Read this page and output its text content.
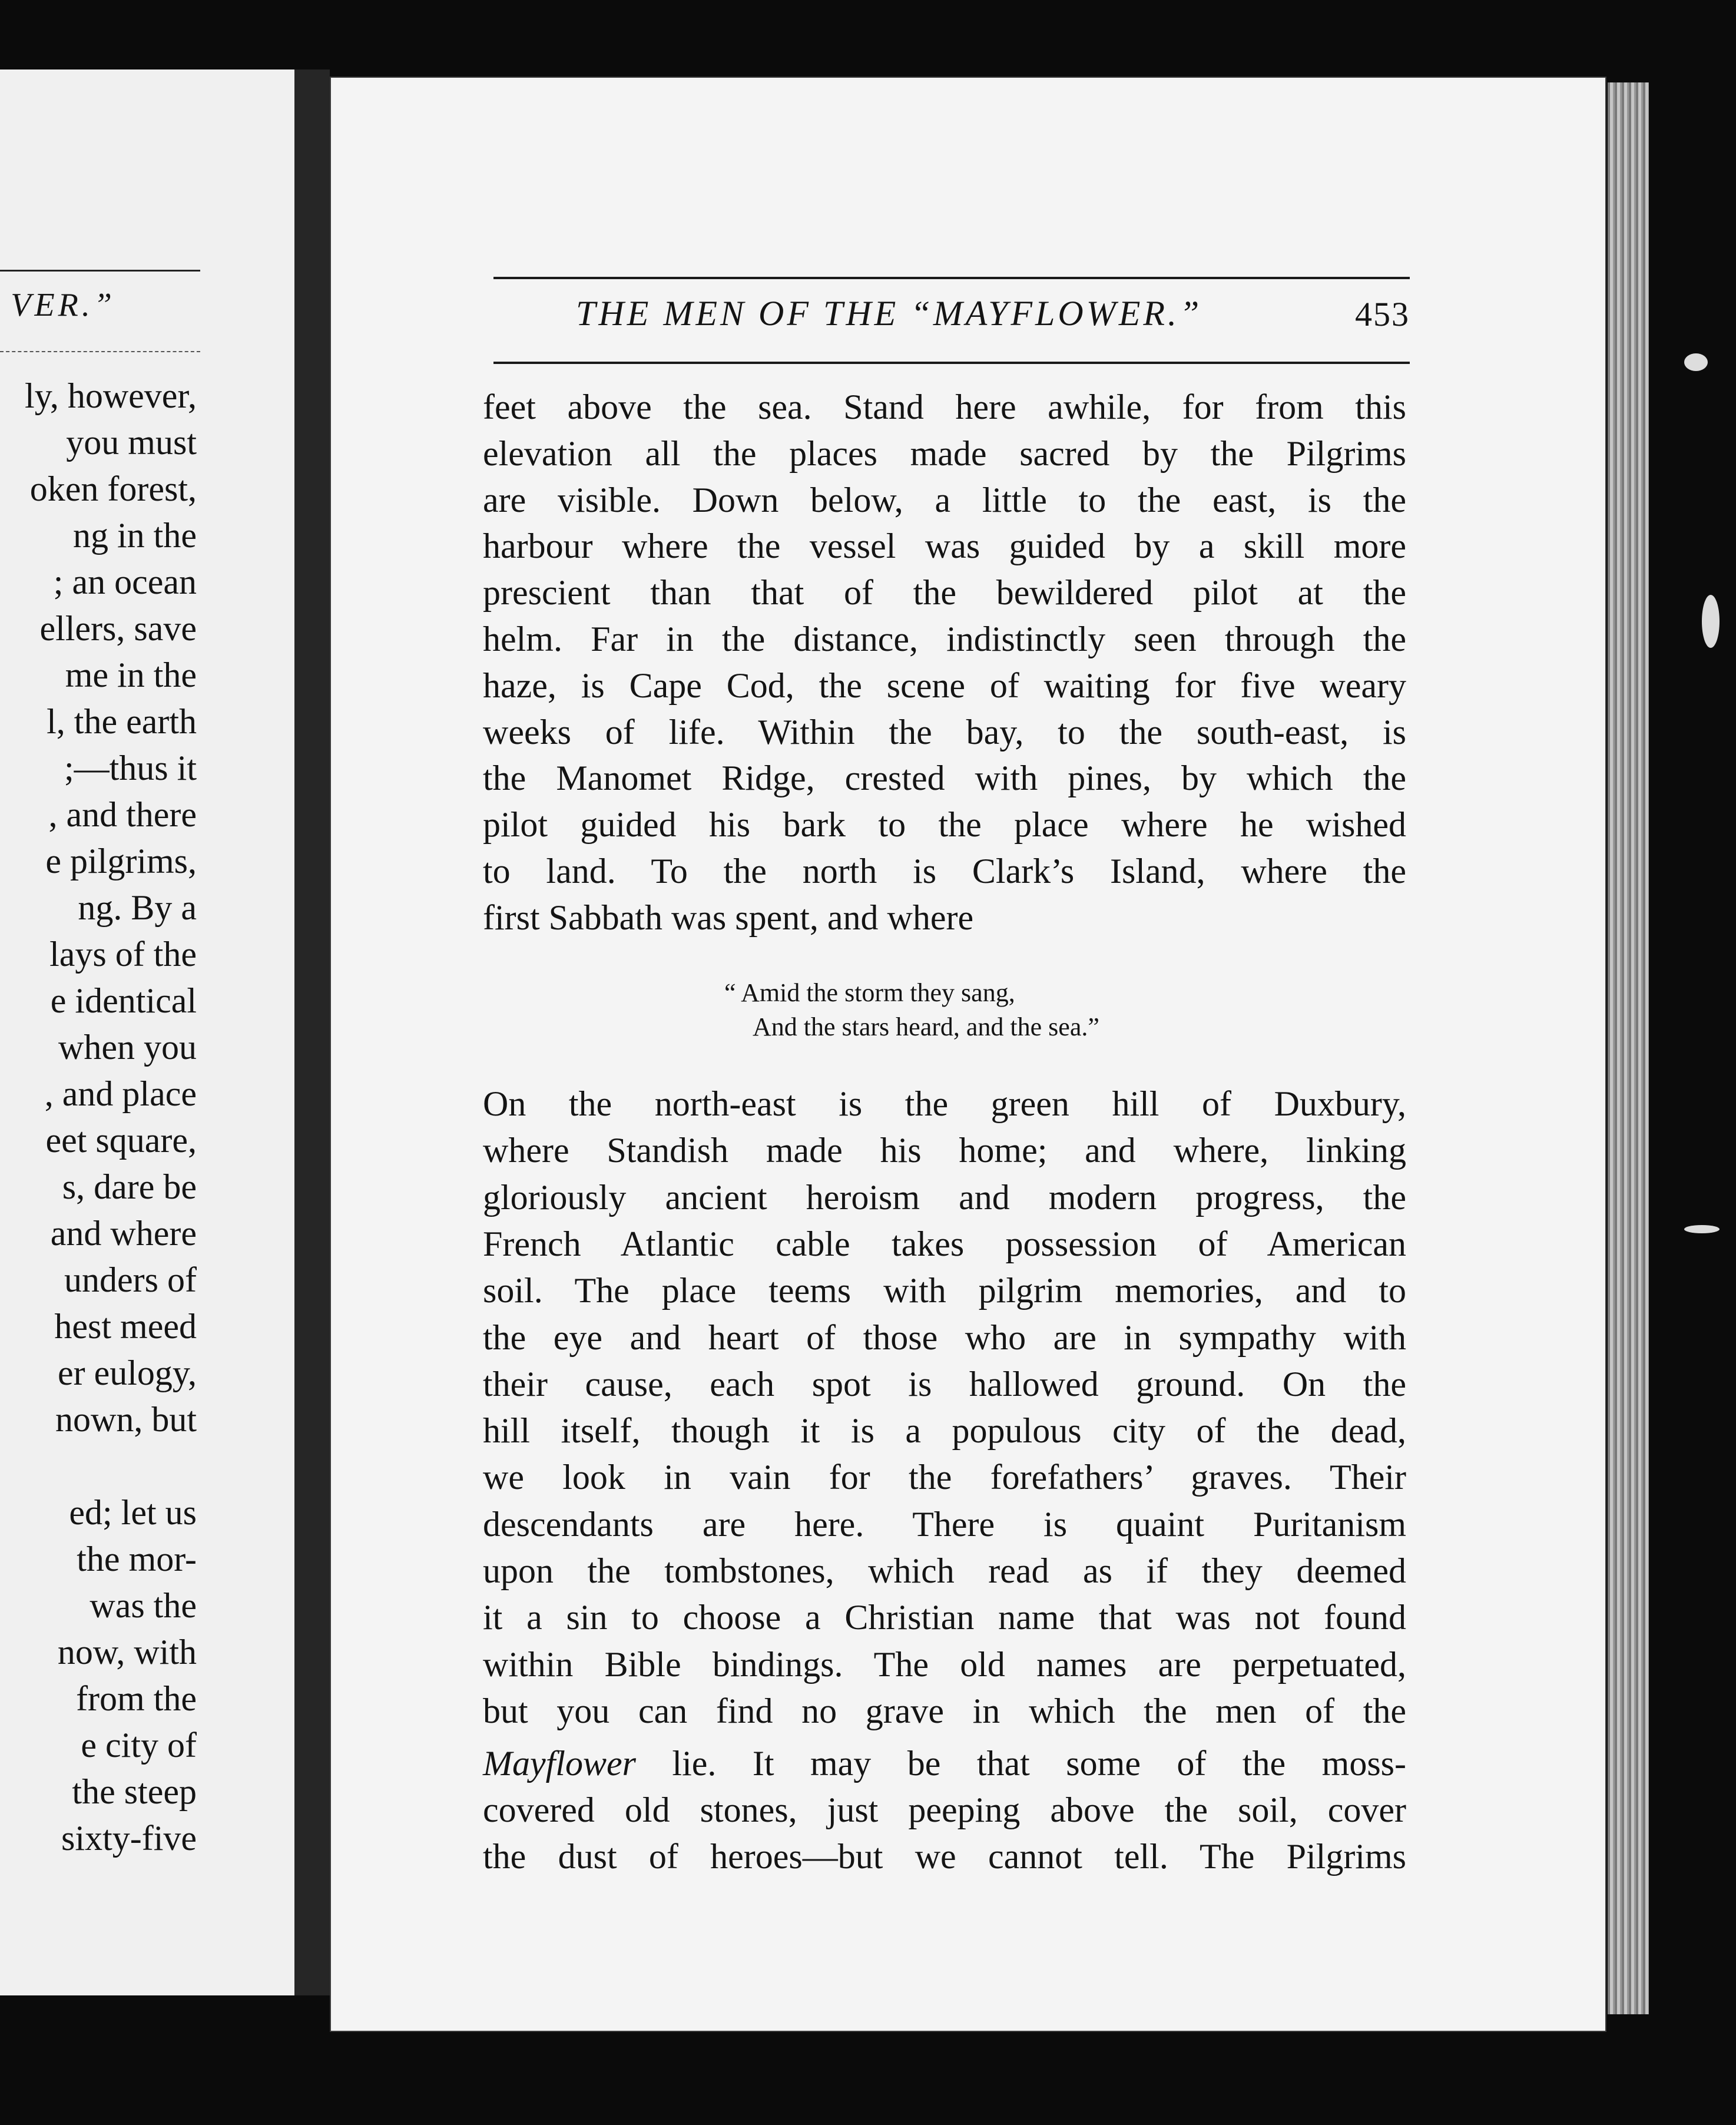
VER.”
ly, however,
you must
oken forest,
ng in the
; an ocean
ellers, save
me in the
l, the earth
;—thus it
, and there
e pilgrims,
ng. By a
lays of the
e identical
when you
, and place
eet square,
s, dare be
and where
unders of
hest meed
er eulogy,
nown, but
ed; let us
the mor-
was the
now, with
from the
e city of
the steep
sixty-five
THE MEN OF THE “MAYFLOWER.”	453
feet above the sea. Stand here awhile, for from this
elevation all the places made sacred by the Pilgrims
are visible. Down below, a little to the east, is the
harbour where the vessel was guided by a skill more
prescient than that of the bewildered pilot at the
helm. Far in the distance, indistinctly seen through the
haze, is Cape Cod, the scene of waiting for five weary
weeks of life. Within the bay, to the south-east, is
the Manomet Ridge, crested with pines, by which the
pilot guided his bark to the place where he wished
to land. To the north is Clark’s Island, where the
first Sabbath was spent, and where
“ Amid the storm they sang,
And the stars heard, and the sea.”
On the north-east is the green hill of Duxbury,
where Standish made his home; and where, linking
gloriously ancient heroism and modern progress, the
French Atlantic cable takes possession of American
soil. The place teems with pilgrim memories, and to
the eye and heart of those who are in sympathy with
their cause, each spot is hallowed ground. On the
hill itself, though it is a populous city of the dead,
we look in vain for the forefathers’ graves. Their
descendants are here. There is quaint Puritanism
upon the tombstones, which read as if they deemed
it a sin to choose a Christian name that was not found
within Bible bindings. The old names are perpetuated,
but you can find no grave in which the men of the
Mayflower lie. It may be that some of the moss-
covered old stones, just peeping above the soil, cover
the dust of heroes—but we cannot tell. The Pilgrims
